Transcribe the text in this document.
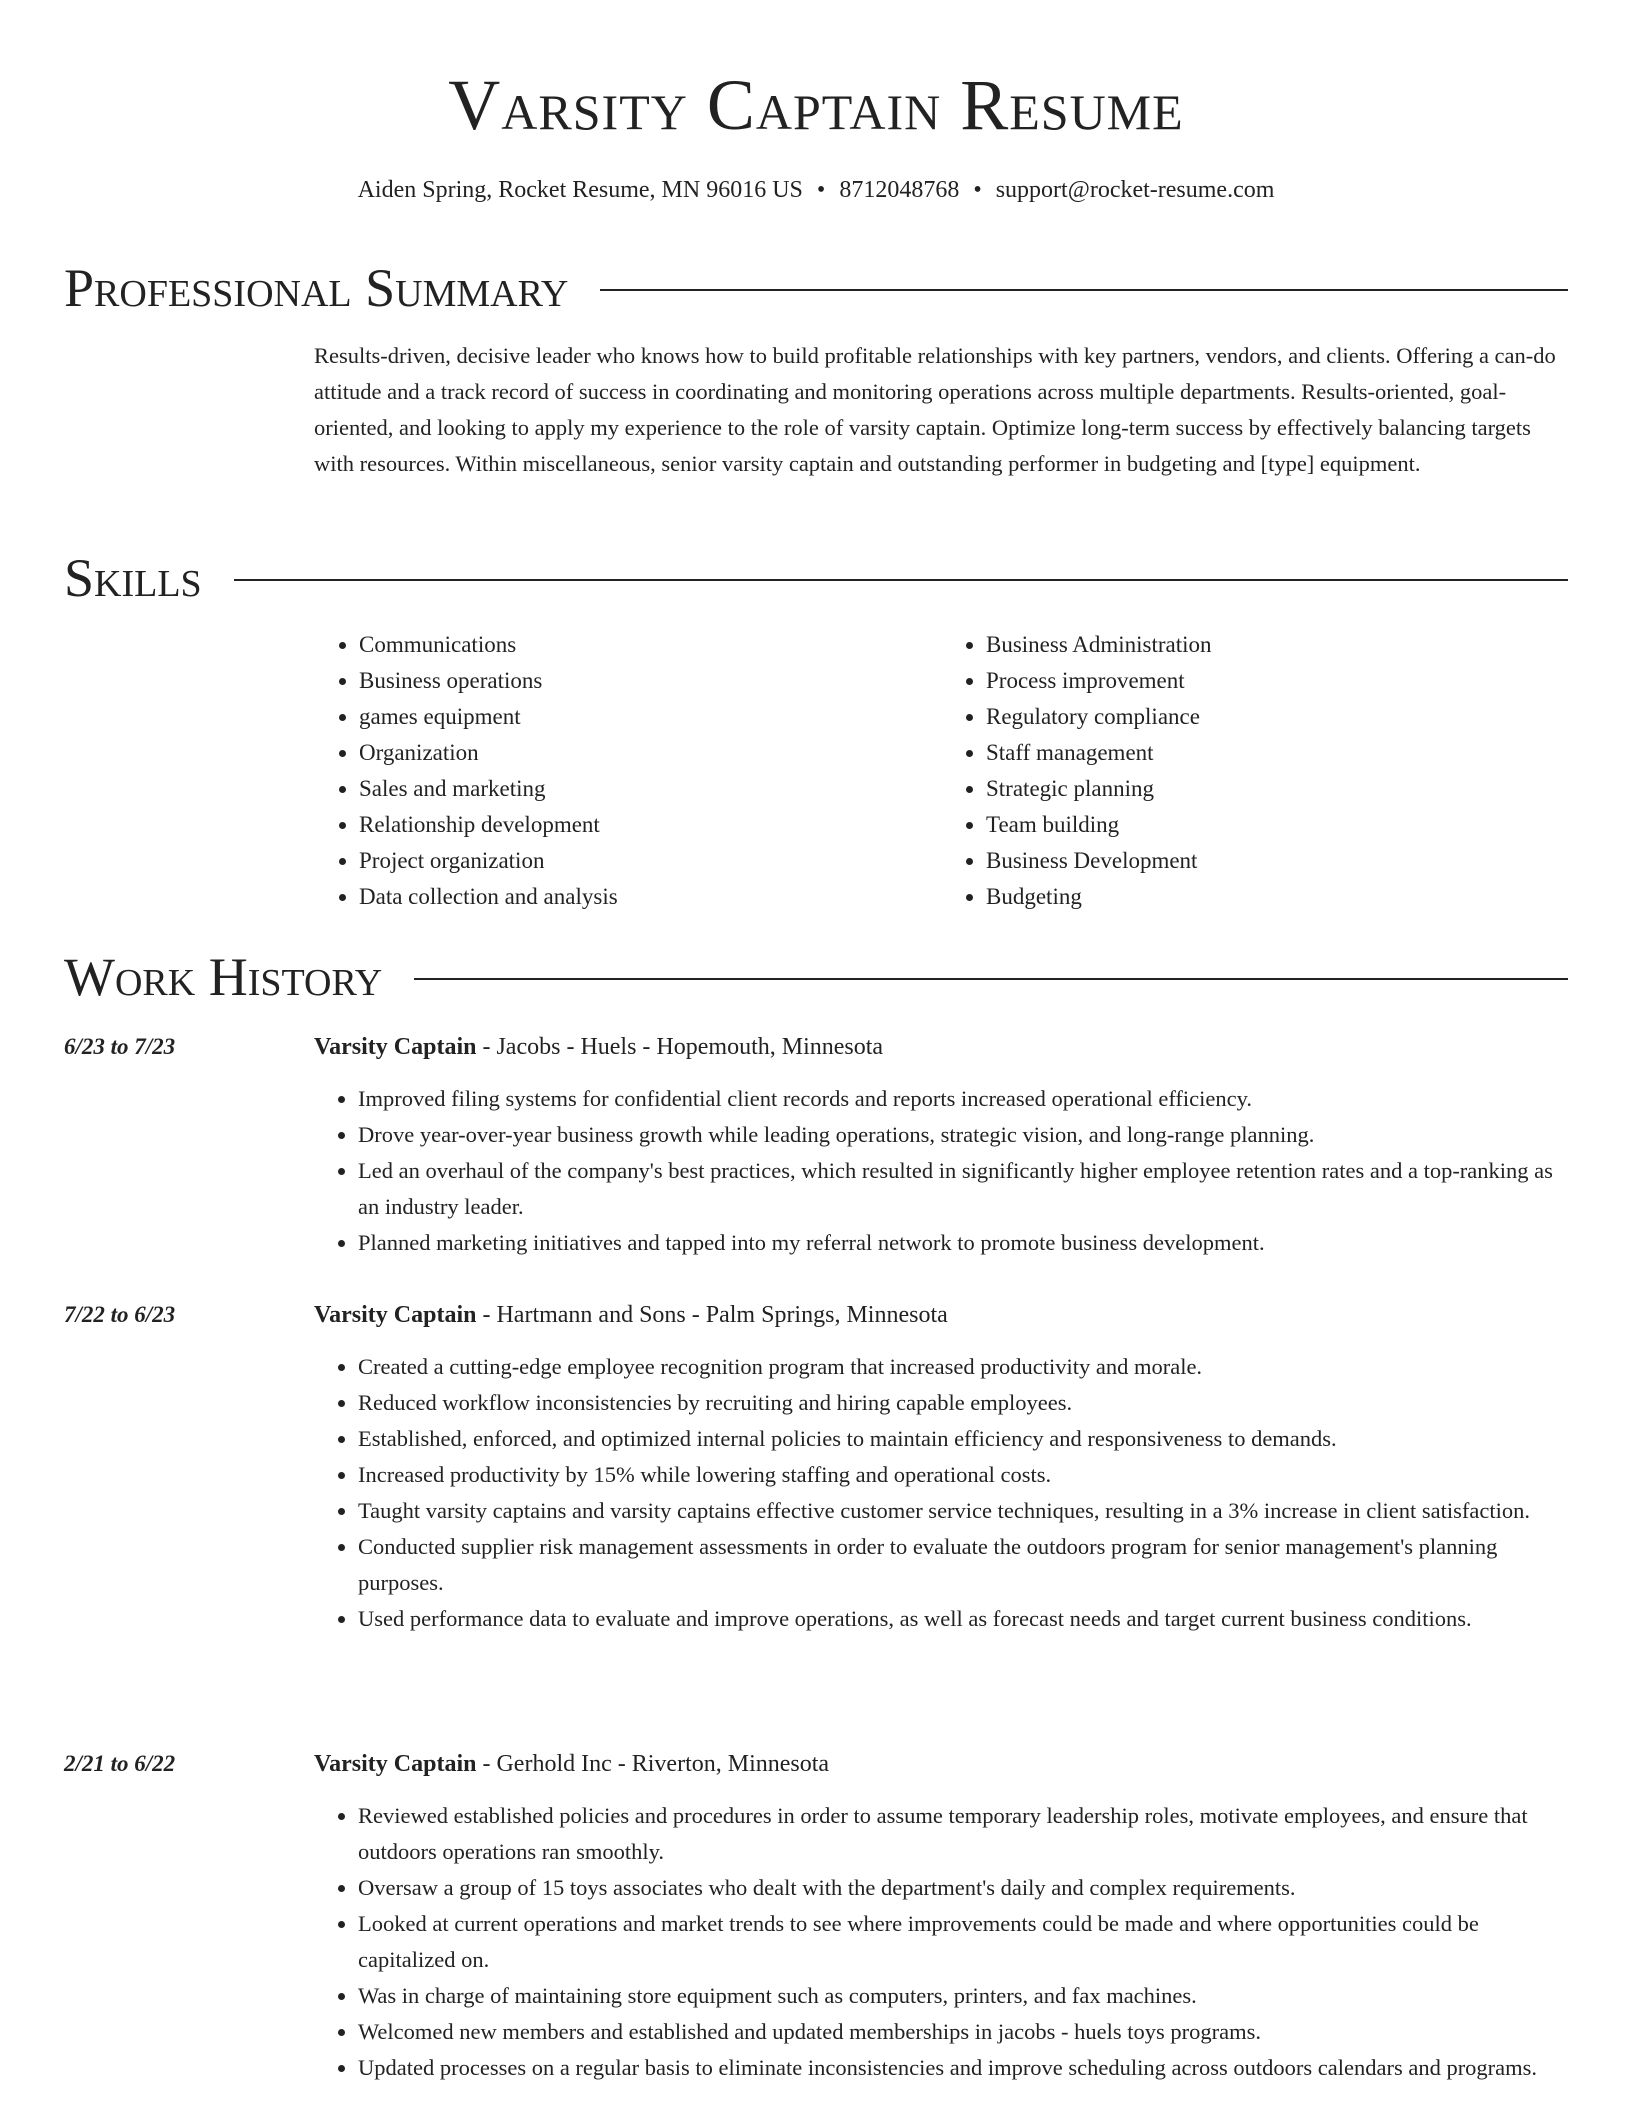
Varsity Captain Resume
Aiden Spring, Rocket Resume, MN 96016 US • 8712048768 • support@rocket-resume.com
Professional Summary
Results-driven, decisive leader who knows how to build profitable relationships with key partners, vendors, and clients. Offering a can-do attitude and a track record of success in coordinating and monitoring operations across multiple departments. Results-oriented, goal-oriented, and looking to apply my experience to the role of varsity captain. Optimize long-term success by effectively balancing targets with resources. Within miscellaneous, senior varsity captain and outstanding performer in budgeting and [type] equipment.
Skills
• Communications
• Business operations
• games equipment
• Organization
• Sales and marketing
• Relationship development
• Project organization
• Data collection and analysis
• Business Administration
• Process improvement
• Regulatory compliance
• Staff management
• Strategic planning
• Team building
• Business Development
• Budgeting
Work History
6/23 to 7/23	Varsity Captain - Jacobs - Huels - Hopemouth, Minnesota
• Improved filing systems for confidential client records and reports increased operational efficiency.
• Drove year-over-year business growth while leading operations, strategic vision, and long-range planning.
• Led an overhaul of the company's best practices, which resulted in significantly higher employee retention rates and a top-ranking as an industry leader.
• Planned marketing initiatives and tapped into my referral network to promote business development.
7/22 to 6/23	Varsity Captain - Hartmann and Sons - Palm Springs, Minnesota
• Created a cutting-edge employee recognition program that increased productivity and morale.
• Reduced workflow inconsistencies by recruiting and hiring capable employees.
• Established, enforced, and optimized internal policies to maintain efficiency and responsiveness to demands.
• Increased productivity by 15% while lowering staffing and operational costs.
• Taught varsity captains and varsity captains effective customer service techniques, resulting in a 3% increase in client satisfaction.
• Conducted supplier risk management assessments in order to evaluate the outdoors program for senior management's planning purposes.
• Used performance data to evaluate and improve operations, as well as forecast needs and target current business conditions.
2/21 to 6/22	Varsity Captain - Gerhold Inc - Riverton, Minnesota
• Reviewed established policies and procedures in order to assume temporary leadership roles, motivate employees, and ensure that outdoors operations ran smoothly.
• Oversaw a group of 15 toys associates who dealt with the department's daily and complex requirements.
• Looked at current operations and market trends to see where improvements could be made and where opportunities could be capitalized on.
• Was in charge of maintaining store equipment such as computers, printers, and fax machines.
• Welcomed new members and established and updated memberships in jacobs - huels toys programs.
• Updated processes on a regular basis to eliminate inconsistencies and improve scheduling across outdoors calendars and programs.
